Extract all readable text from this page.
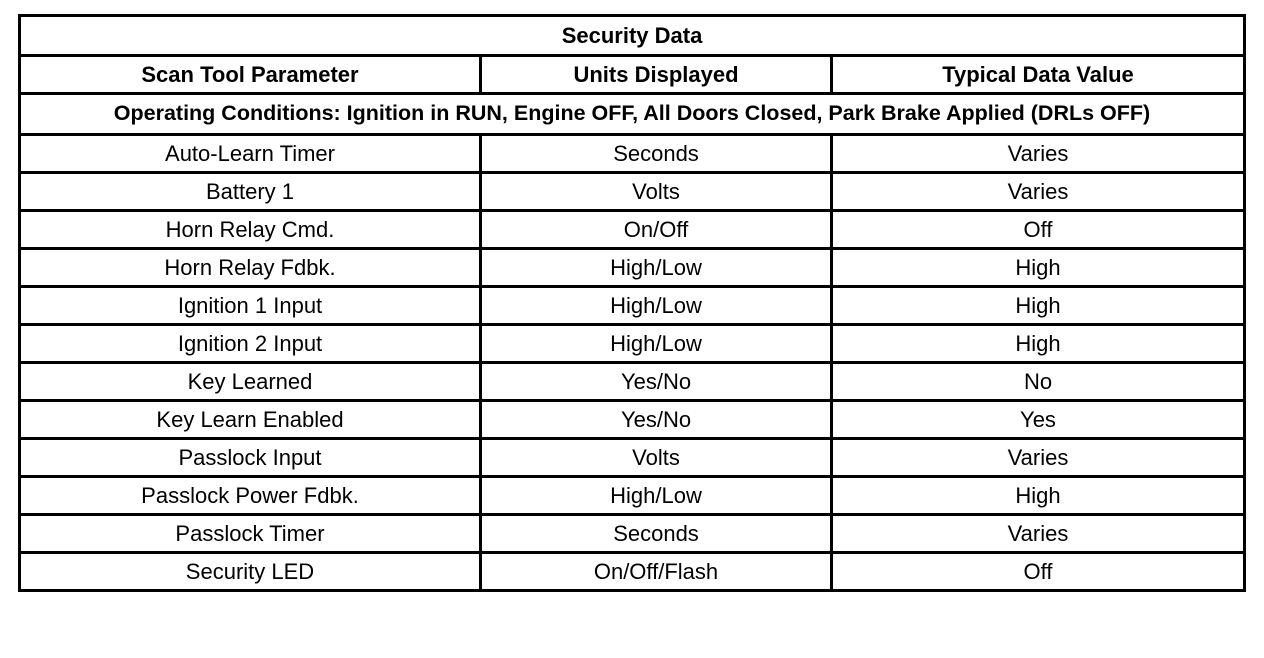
Security Data		
Scan Tool Parameter	Units Displayed	Typical Data Value
Operating Conditions: Ignition in RUN, Engine OFF, All Doors Closed, Park Brake Applied (DRLs OFF)		
Auto-Learn Timer	Seconds	Varies
Battery 1	Volts	Varies
Horn Relay Cmd.	On/Off	Off
Horn Relay Fdbk.	High/Low	High
Ignition 1 Input	High/Low	High
Ignition 2 Input	High/Low	High
Key Learned	Yes/No	No
Key Learn Enabled	Yes/No	Yes
Passlock Input	Volts	Varies
Passlock Power Fdbk.	High/Low	High
Passlock Timer	Seconds	Varies
Security LED	On/Off/Flash	Off
